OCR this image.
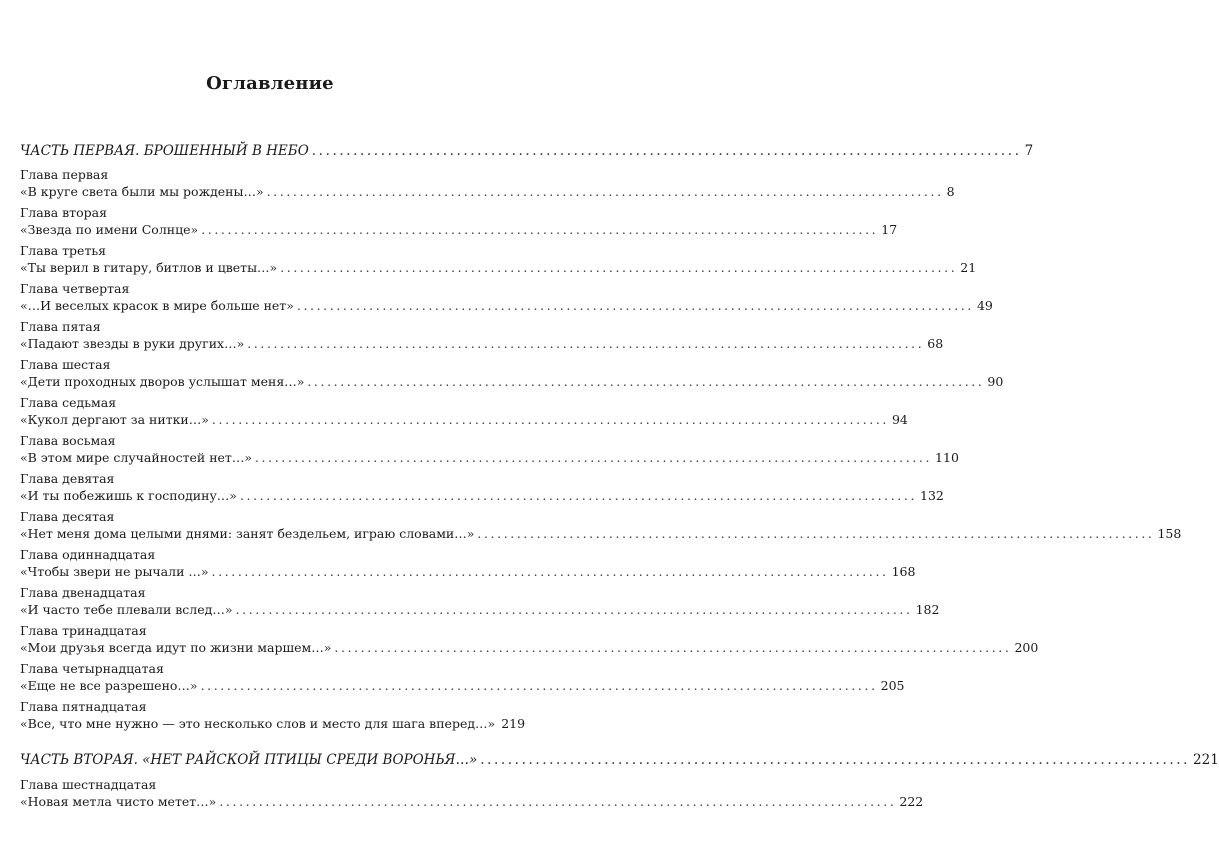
Оглавление
ЧАСТЬ ПЕРВАЯ. БРОШЕННЫЙ В НЕБО ....................................................................................................... 7
Глава первая
«В круге света были мы рождены…» ....................................................................................................... 8
Глава вторая
«Звезда по имени Солнце» ....................................................................................................... 17
Глава третья
«Ты верил в гитару, битлов и цветы…» ....................................................................................................... 21
Глава четвертая
«…И веселых красок в мире больше нет» ....................................................................................................... 49
Глава пятая
«Падают звезды в руки других…» ....................................................................................................... 68
Глава шестая
«Дети проходных дворов услышат меня…» ....................................................................................................... 90
Глава седьмая
«Кукол дергают за нитки…» ....................................................................................................... 94
Глава восьмая
«В этом мире случайностей нет…» ....................................................................................................... 110
Глава девятая
«И ты побежишь к господину…» ....................................................................................................... 132
Глава десятая
«Нет меня дома целыми днями: занят бездельем, играю словами…» ....................................................................................................... 158
Глава одиннадцатая
«Чтобы звери не рычали …» ....................................................................................................... 168
Глава двенадцатая
«И часто тебе плевали вслед…» ....................................................................................................... 182
Глава тринадцатая
«Мои друзья всегда идут по жизни маршем…» ....................................................................................................... 200
Глава четырнадцатая
«Еще не все разрешено…» ....................................................................................................... 205
Глава пятнадцатая
«Все, что мне нужно — это несколько слов и место для шага вперед…» 219
ЧАСТЬ ВТОРАЯ. «НЕТ РАЙСКОЙ ПТИЦЫ СРЕДИ ВОРОНЬЯ…» ....................................................................................................... 221
Глава шестнадцатая
«Новая метла чисто метет…» ....................................................................................................... 222
